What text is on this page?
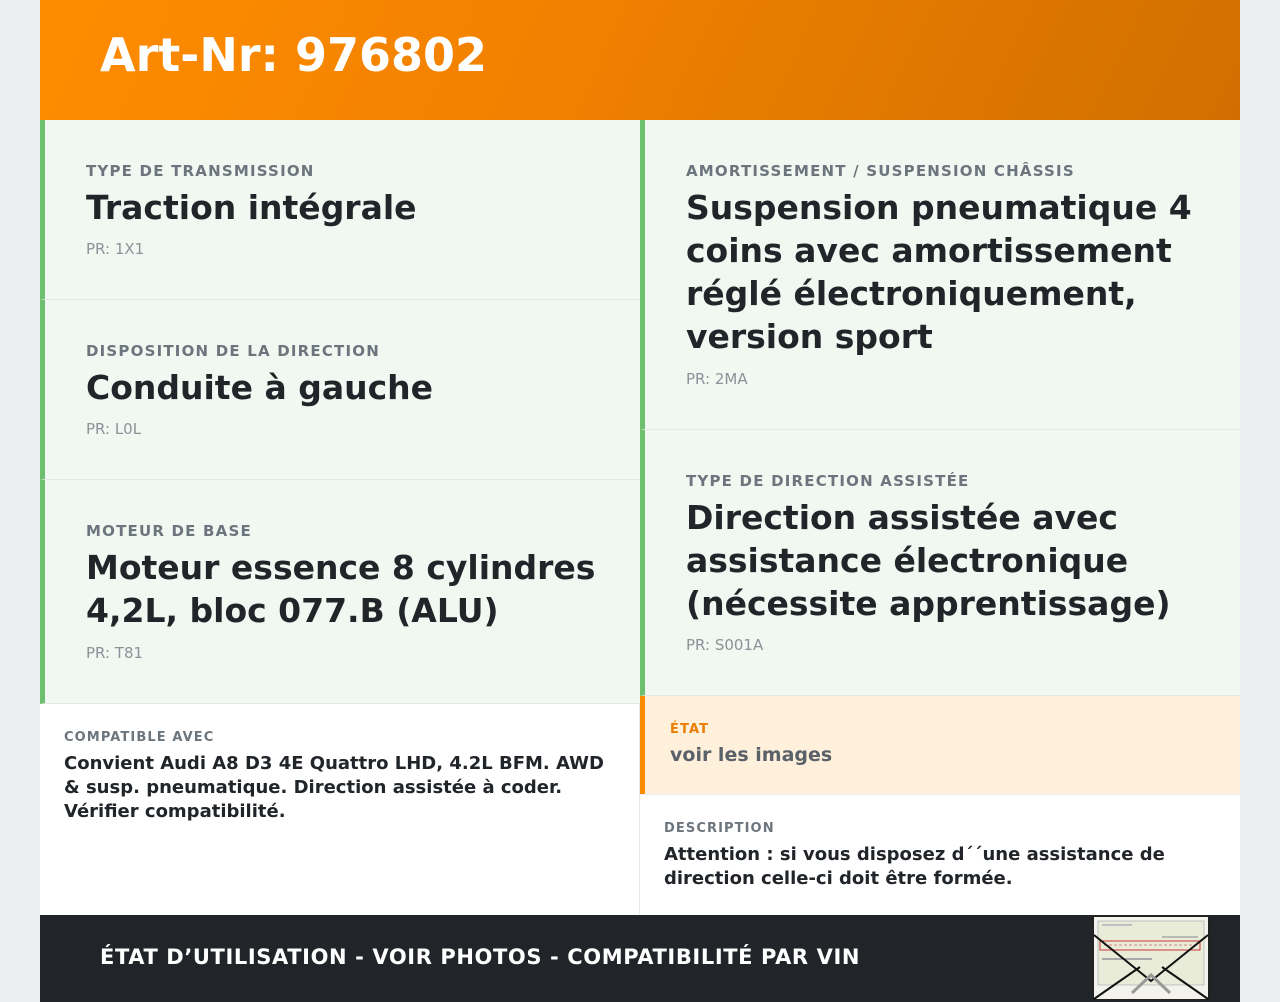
Art-Nr: 976802
TYPE DE TRANSMISSION
Traction intégrale
PR: 1X1
DISPOSITION DE LA DIRECTION
Conduite à gauche
PR: L0L
MOTEUR DE BASE
Moteur essence 8 cylindres 4,2L, bloc 077.B (ALU)
PR: T81
AMORTISSEMENT / SUSPENSION CHÂSSIS
Suspension pneumatique 4 coins avec amortissement réglé électroniquement, version sport
PR: 2MA
TYPE DE DIRECTION ASSISTÉE
Direction assistée avec assistance électronique (nécessite apprentissage)
PR: S001A
COMPATIBLE AVEC
Convient Audi A8 D3 4E Quattro LHD, 4.2L BFM. AWD & susp. pneumatique. Direction assistée à coder. Vérifier compatibilité.
ÉTAT
voir les images
DESCRIPTION
Attention : si vous disposez d´´une assistance de direction celle-ci doit être formée.
ÉTAT D’UTILISATION - VOIR PHOTOS - COMPATIBILITÉ PAR VIN
